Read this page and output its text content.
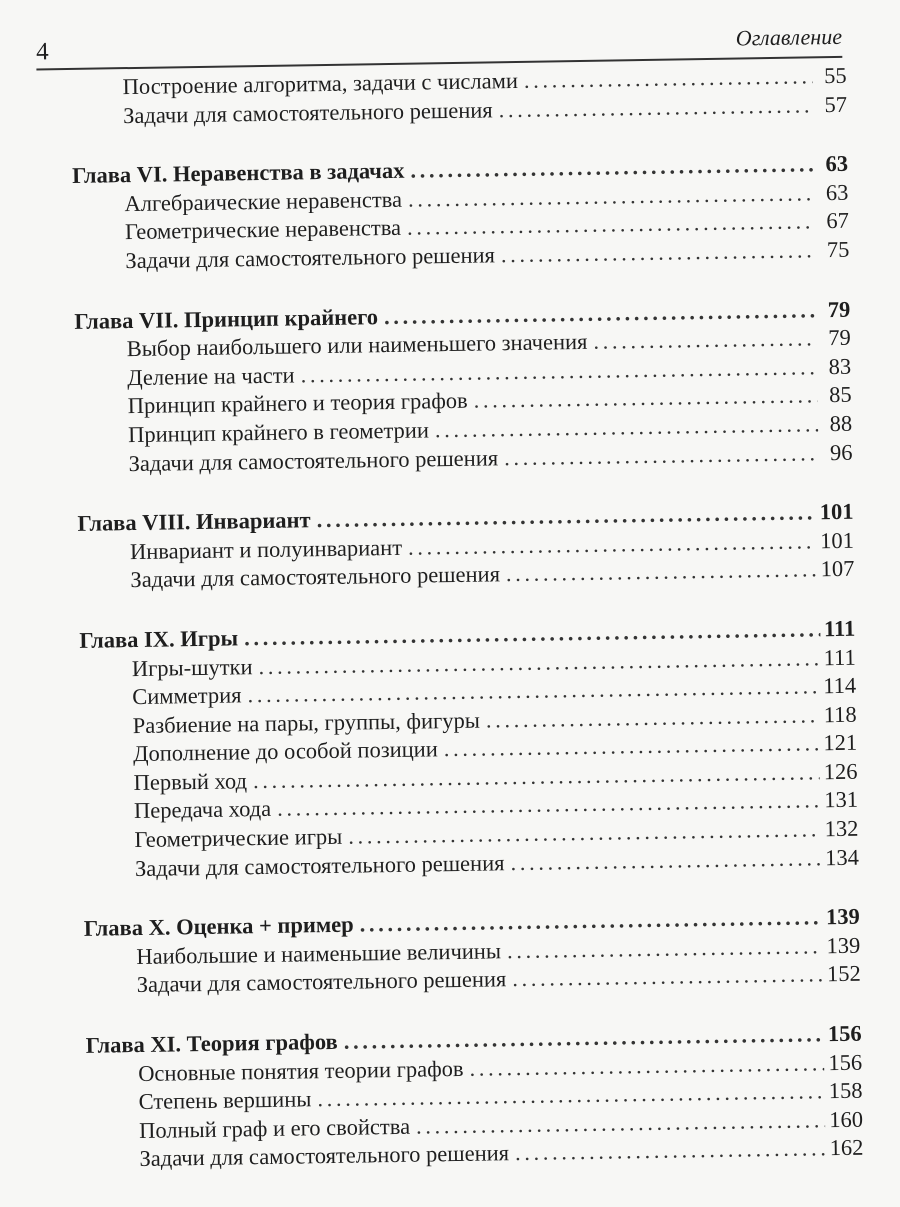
4
Оглавление
Построение алгоритма, задачи с числами . . .	55
Задачи для самостоятельного решения . . .	57
Глава VI. Неравенства в задачах . . .	63
Алгебраические неравенства . . .	63
Геометрические неравенства . . .	67
Задачи для самостоятельного решения . . .	75
Глава VII. Принцип крайнего . . .	79
Выбор наибольшего или наименьшего значения . . .	79
Деление на части . . .	83
Принцип крайнего и теория графов . . .	85
Принцип крайнего в геометрии . . .	88
Задачи для самостоятельного решения . . .	96
Глава VIII. Инвариант . . .	101
Инвариант и полуинвариант . . .	101
Задачи для самостоятельного решения . . .	107
Глава IX. Игры . . .	111
Игры-шутки . . .	111
Симметрия . . .	114
Разбиение на пары, группы, фигуры . . .	118
Дополнение до особой позиции . . .	121
Первый ход . . .	126
Передача хода . . .	131
Геометрические игры . . .	132
Задачи для самостоятельного решения . . .	134
Глава X. Оценка + пример . . .	139
Наибольшие и наименьшие величины . . .	139
Задачи для самостоятельного решения . . .	152
Глава XI. Теория графов . . .	156
Основные понятия теории графов . . .	156
Степень вершины . . .	158
Полный граф и его свойства . . .	160
Задачи для самостоятельного решения . . .	162
